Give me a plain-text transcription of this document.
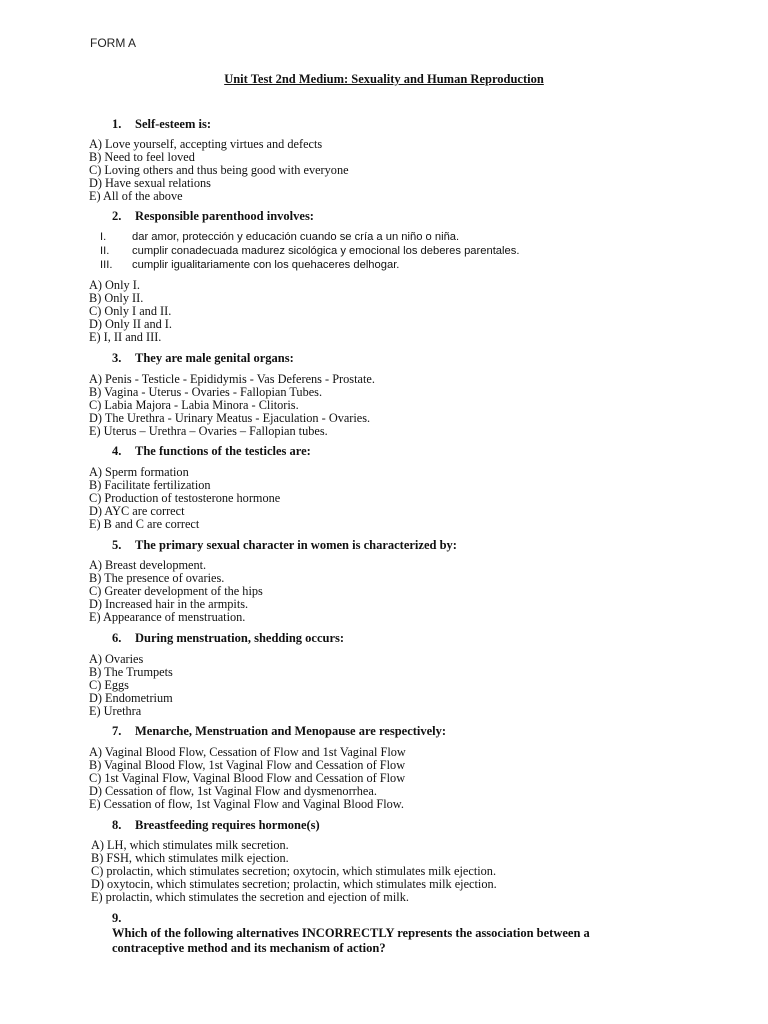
FORM A
Unit Test 2nd Medium: Sexuality and Human Reproduction
1. Self-esteem is:
A) Love yourself, accepting virtues and defects
B) Need to feel loved
C) Loving others and thus being good with everyone
D) Have sexual relations
E) All of the above
2. Responsible parenthood involves:
I. dar amor, protección y educación cuando se cría a un niño o niña.
II. cumplir conadecuada madurez sicológica y emocional los deberes parentales.
III. cumplir igualitariamente con los quehaceres delhogar.
A) Only I.
B) Only II.
C) Only I and II.
D) Only II and I.
E) I, II and III.
3. They are male genital organs:
A) Penis - Testicle - Epididymis - Vas Deferens - Prostate.
B) Vagina - Uterus - Ovaries - Fallopian Tubes.
C) Labia Majora - Labia Minora - Clitoris.
D) The Urethra - Urinary Meatus - Ejaculation - Ovaries.
E) Uterus – Urethra – Ovaries – Fallopian tubes.
4. The functions of the testicles are:
A) Sperm formation
B) Facilitate fertilization
C) Production of testosterone hormone
D) AYC are correct
E) B and C are correct
5. The primary sexual character in women is characterized by:
A) Breast development.
B) The presence of ovaries.
C) Greater development of the hips
D) Increased hair in the armpits.
E) Appearance of menstruation.
6. During menstruation, shedding occurs:
A) Ovaries
B) The Trumpets
C) Eggs
D) Endometrium
E) Urethra
7. Menarche, Menstruation and Menopause are respectively:
A) Vaginal Blood Flow, Cessation of Flow and 1st Vaginal Flow
B) Vaginal Blood Flow, 1st Vaginal Flow and Cessation of Flow
C) 1st Vaginal Flow, Vaginal Blood Flow and Cessation of Flow
D) Cessation of flow, 1st Vaginal Flow and dysmenorrhea.
E) Cessation of flow, 1st Vaginal Flow and Vaginal Blood Flow.
8. Breastfeeding requires hormone(s)
A) LH, which stimulates milk secretion.
B) FSH, which stimulates milk ejection.
C) prolactin, which stimulates secretion; oxytocin, which stimulates milk ejection.
D) oxytocin, which stimulates secretion; prolactin, which stimulates milk ejection.
E) prolactin, which stimulates the secretion and ejection of milk.
9.Which of the following alternatives INCORRECTLY represents the association between a contraceptive method and its mechanism of action?
